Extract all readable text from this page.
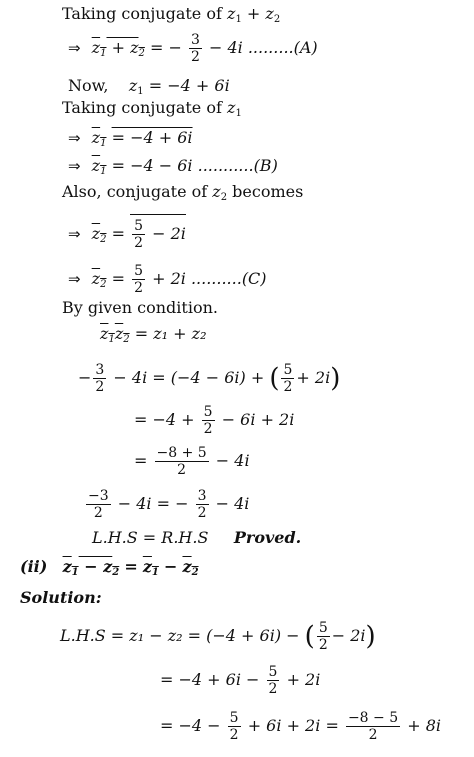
Taking conjugate of $z_1 + z_2$
⇒ $z_1 + z_2$ = − $\frac{3}{2} - 4i$ .........(A)
Now, $z_1 = -4 + 6i$
Taking conjugate of $z_1$
⇒ $z_1 = -4 + 6i$
⇒ $z_1 = -4 - 6i$ ...........(B)
Also, conjugate of $z_2$ becomes
⇒ $z_2 = \frac{5}{2} - 2i$
⇒ $z_2 = \frac{5}{2} + 2i$ ..........(C)
By given condition.
$z_1z_2 = z_1 + z_2$
− $\frac{3}{2} - 4i = (-4 - 6i)$ + ( $\frac{5}{2} + 2i$)
= $-4 + \frac{5}{2} - 6i + 2i$
= $\frac{-8 + 5}{2} - 4i$
$\frac{-3}{2} - 4i$ = − $\frac{3}{2} - 4i$
L.H.S = R.H.S Proved.
(ii) $z_1 - z_2 = z_1 - z_2$
Solution:
L.H.S = z₁ − z₂ = (−4 + 6i) − ( $\frac{5}{2} - 2i$)
= $-4 + 6i - \frac{5}{2} + 2i$
= $-4 - \frac{5}{2} + 6i + 2i = \frac{-8 - 5}{2} + 8i$
